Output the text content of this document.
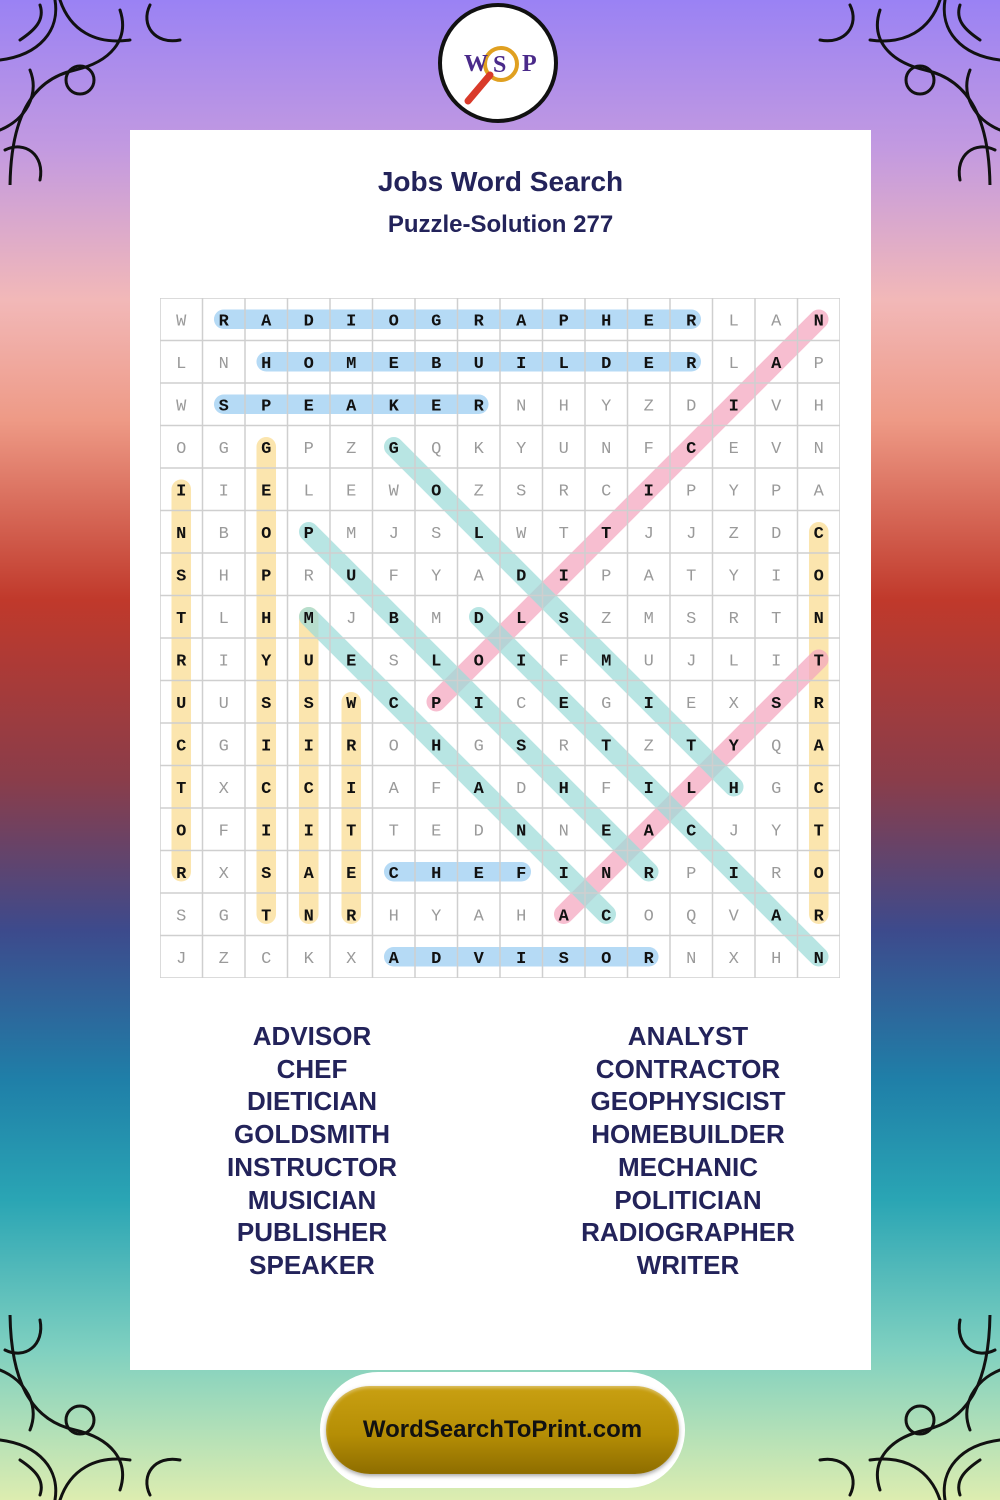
W S P
Jobs Word Search
Puzzle-Solution 277
W R A D I O G R A P H E R L A N
L N H O M E B U I L D E R L A P
W S P E A K E R N H Y Z D I V H
O G G P Z G Q K Y U N F C E V N
I I E L E W O Z S R C I P Y P A
N B O P M J S L W T T J J Z D C
S H P R U F Y A D I P A T Y I O
T L H M J B M D L S Z M S R T N
R I Y U E S L O I F M U J L I T
U U S S W C P I C E G I E X S R
C G I I R O H G S R T Z T Y Q A
T X C C I A F A D H F I L H G C
O F I I T T E D N N E A C J Y T
R X S A E C H E F I N R P I R O
S G T N R H Y A H A C O Q V A R
J Z C K X A D V I S O R N X H N
ADVISOR
CHEF
DIETICIAN
GOLDSMITH
INSTRUCTOR
MUSICIAN
PUBLISHER
SPEAKER
ANALYST
CONTRACTOR
GEOPHYSICIST
HOMEBUILDER
MECHANIC
POLITICIAN
RADIOGRAPHER
WRITER
WordSearchToPrint.com
